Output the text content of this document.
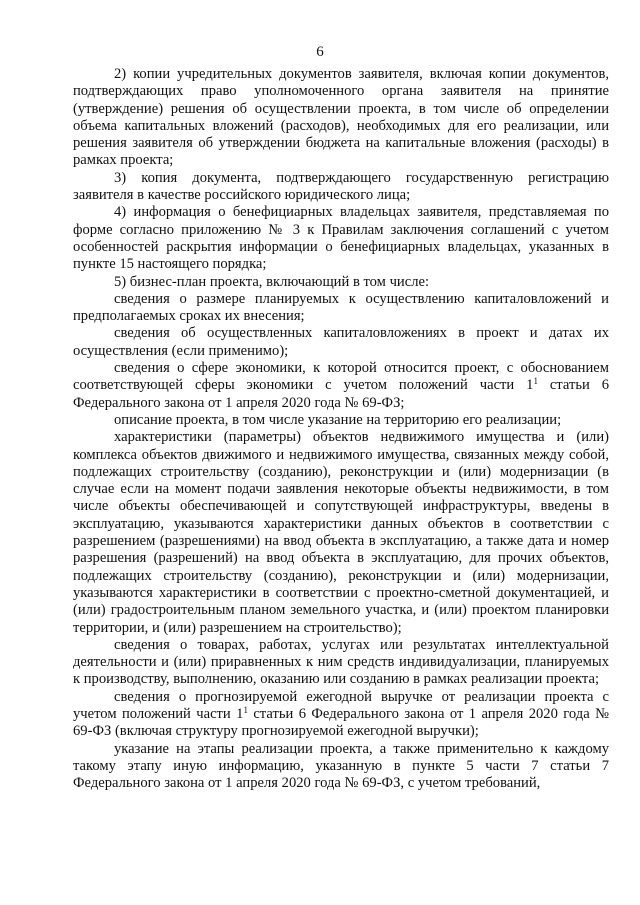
6

2) копии учредительных документов заявителя, включая копии документов, подтверждающих право уполномоченного органа заявителя на принятие (утверждение) решения об осуществлении проекта, в том числе об определении объема капитальных вложений (расходов), необходимых для его реализации, или решения заявителя об утверждении бюджета на капитальные вложения (расходы) в рамках проекта;

3) копия документа, подтверждающего государственную регистрацию заявителя в качестве российского юридического лица;

4) информация о бенефициарных владельцах заявителя, представляемая по форме согласно приложению № 3 к Правилам заключения соглашений с учетом особенностей раскрытия информации о бенефициарных владельцах, указанных в пункте 15 настоящего порядка;

5) бизнес-план проекта, включающий в том числе:

сведения о размере планируемых к осуществлению капиталовложений и предполагаемых сроках их внесения;

сведения об осуществленных капиталовложениях в проект и датах их осуществления (если применимо);

сведения о сфере экономики, к которой относится проект, с обоснованием соответствующей сферы экономики с учетом положений части $1^1$ статьи 6 Федерального закона от 1 апреля 2020 года № 69-ФЗ;

описание проекта, в том числе указание на территорию его реализации;

характеристики (параметры) объектов недвижимого имущества и (или) комплекса объектов движимого и недвижимого имущества, связанных между собой, подлежащих строительству (созданию), реконструкции и (или) модернизации (в случае если на момент подачи заявления некоторые объекты недвижимости, в том числе объекты обеспечивающей и сопутствующей инфраструктуры, введены в эксплуатацию, указываются характеристики данных объектов в соответствии с разрешением (разрешениями) на ввод объекта в эксплуатацию, а также дата и номер разрешения (разрешений) на ввод объекта в эксплуатацию, для прочих объектов, подлежащих строительству (созданию), реконструкции и (или) модернизации, указываются характеристики в соответствии с проектно-сметной документацией, и (или) градостроительным планом земельного участка, и (или) проектом планировки территории, и (или) разрешением на строительство);

сведения о товарах, работах, услугах или результатах интеллектуальной деятельности и (или) приравненных к ним средств индивидуализации, планируемых к производству, выполнению, оказанию или созданию в рамках реализации проекта;

сведения о прогнозируемой ежегодной выручке от реализации проекта с учетом положений части $1^1$ статьи 6 Федерального закона от 1 апреля 2020 года № 69-ФЗ (включая структуру прогнозируемой ежегодной выручки);

указание на этапы реализации проекта, а также применительно к каждому такому этапу иную информацию, указанную в пункте 5 части 7 статьи 7 Федерального закона от 1 апреля 2020 года № 69-ФЗ, с учетом требований,
